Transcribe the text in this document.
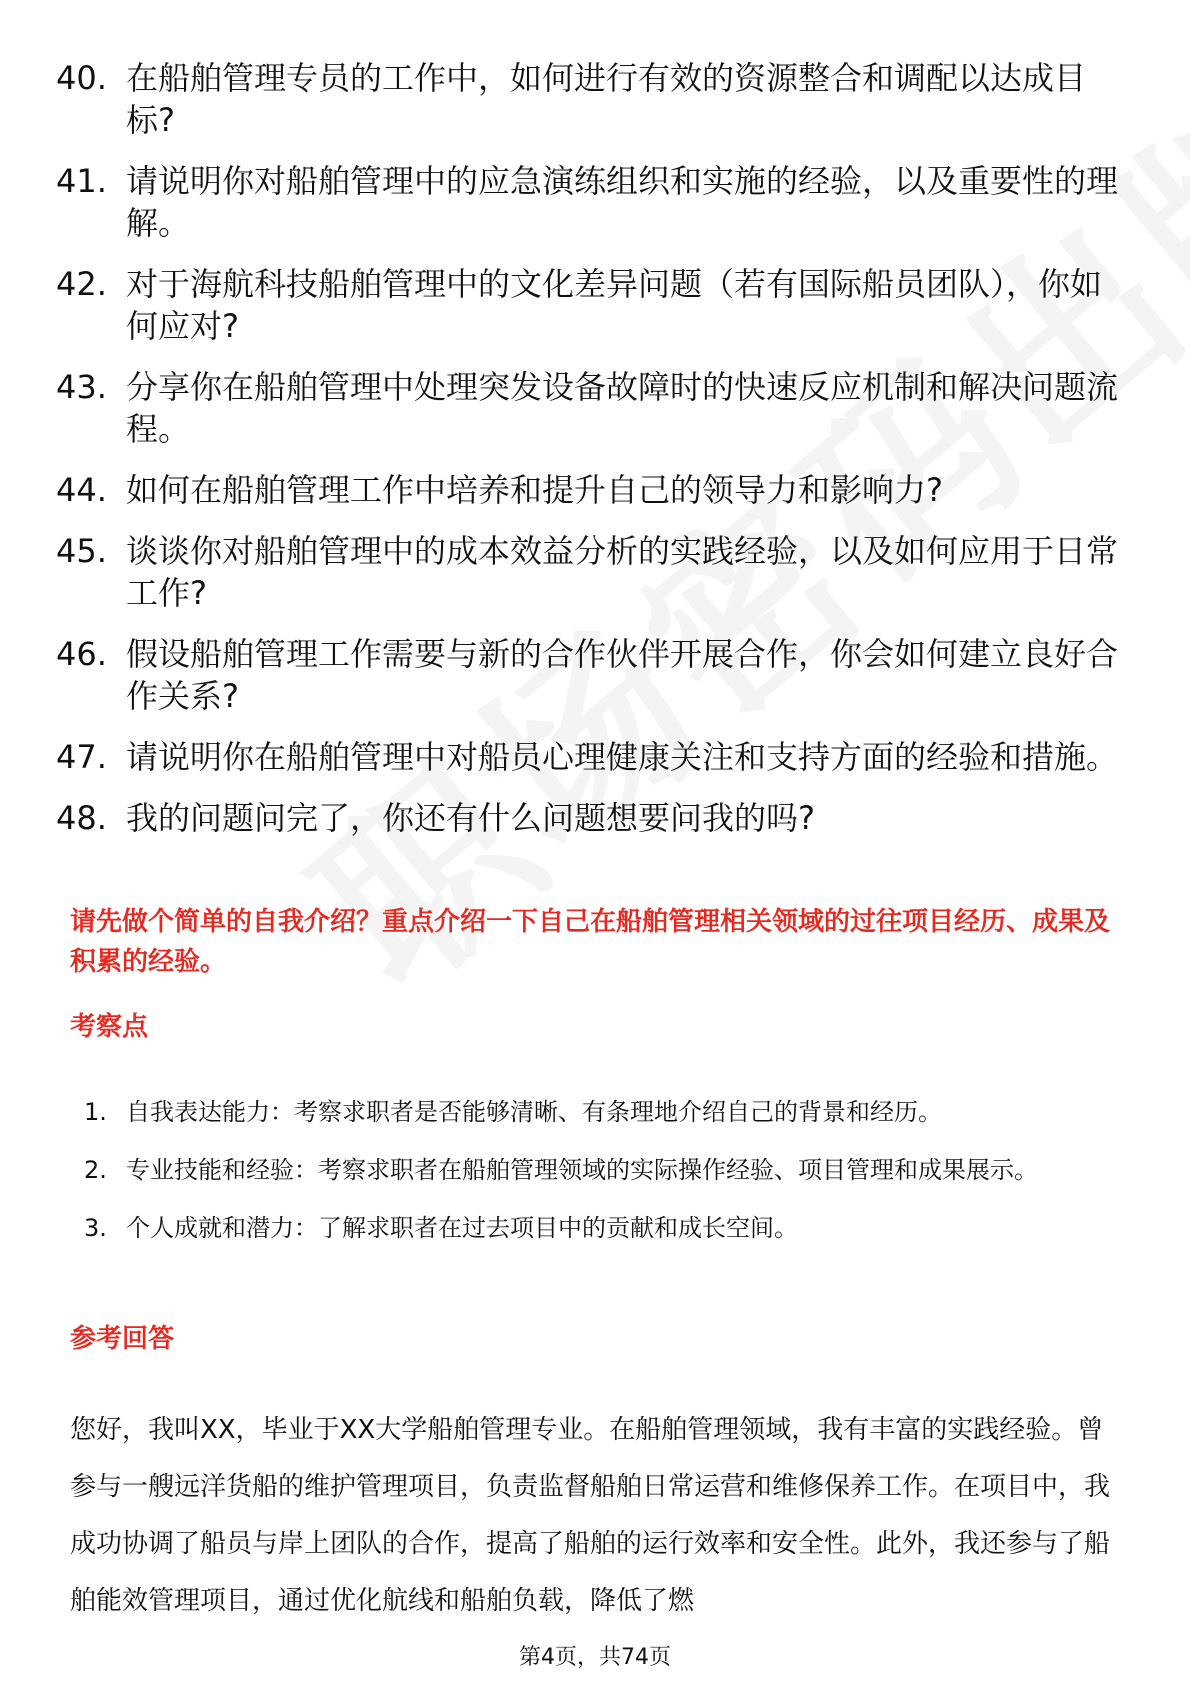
40. 在船舶管理专员的工作中，如何进行有效的资源整合和调配以达成目标?
41. 请说明你对船舶管理中的应急演练组织和实施的经验，以及重要性的理解。
42. 对于海航科技船舶管理中的文化差异问题（若有国际船员团队），你如何应对?
43. 分享你在船舶管理中处理突发设备故障时的快速反应机制和解决问题流程。
44. 如何在船舶管理工作中培养和提升自己的领导力和影响力?
45. 谈谈你对船舶管理中的成本效益分析的实践经验，以及如何应用于日常工作?
46. 假设船舶管理工作需要与新的合作伙伴开展合作，你会如何建立良好合作关系?
47. 请说明你在船舶管理中对船员心理健康关注和支持方面的经验和措施。
48. 我的问题问完了，你还有什么问题想要问我的吗?
请先做个简单的自我介绍？重点介绍一下自己在船舶管理相关领域的过往项目经历、成果及积累的经验。
考察点
1. 自我表达能力：考察求职者是否能够清晰、有条理地介绍自己的背景和经历。
2. 专业技能和经验：考察求职者在船舶管理领域的实际操作经验、项目管理和成果展示。
3. 个人成就和潜力：了解求职者在过去项目中的贡献和成长空间。
参考回答
您好，我叫XX，毕业于XX大学船舶管理专业。在船舶管理领域，我有丰富的实践经验。曾参与一艘远洋货船的维护管理项目，负责监督船舶日常运营和维修保养工作。在项目中，我成功协调了船员与岸上团队的合作，提高了船舶的运行效率和安全性。此外，我还参与了船舶能效管理项目，通过优化航线和船舶负载，降低了燃
第4页，共74页
